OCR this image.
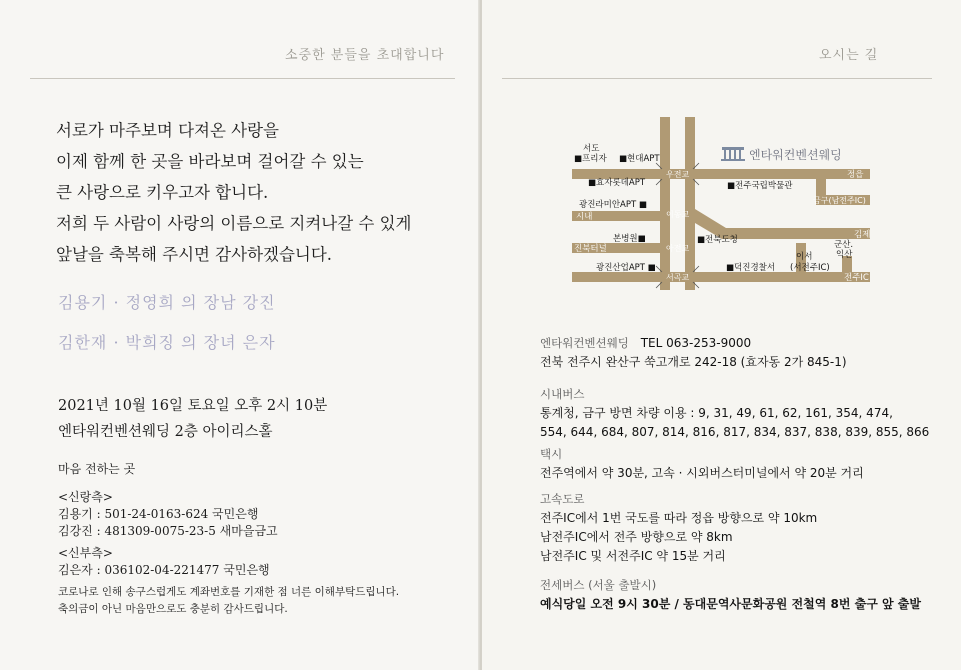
소중한 분들을 초대합니다
서로가 마주보며 다져온 사랑을
이제 함께 한 곳을 바라보며 걸어갈 수 있는
큰 사랑으로 키우고자 합니다.
저희 두 사람이 사랑의 이름으로 지켜나갈 수 있게
앞날을 축복해 주시면 감사하겠습니다.
김용기 · 정영희 의 장남 강진
김한재 · 박희징 의 장녀 은자
2021년 10월 16일 토요일 오후 2시 10분
엔타워컨벤션웨딩 2층 아이리스홀
마음 전하는 곳
<신랑측>
김용기 : 501-24-0163-624 국민은행
김강진 : 481309-0075-23-5 새마을금고
<신부측>
김은자 : 036102-04-221477 국민은행
코로나로 인해 송구스럽게도 계좌번호를 기재한 점 너른 이해부탁드립니다.
축의금이 아닌 마음만으로도 충분히 감사드립니다.
오시는 길
엔타워컨벤션웨딩
서도
■프리자 ■현대APT
■효자롯데APT	■전주국립박물관
정읍
금구(남전주IC)
광진라미안APT ■
시내
본병원■	■전북도청	김제
진북터널
광진산업APT ■	■덕진경찰서
이서
(서전주IC)
군산.
익산
전주IC
우전교
이동교
아전교
서곡교
엔타워컨벤션웨딩 TEL 063-253-9000
전북 전주시 완산구 쑥고개로 242-18 (효자동 2가 845-1)
시내버스
통계청, 금구 방면 차량 이용 : 9, 31, 49, 61, 62, 161, 354, 474,
554, 644, 684, 807, 814, 816, 817, 834, 837, 838, 839, 855, 866
택시
전주역에서 약 30분, 고속 · 시외버스터미널에서 약 20분 거리
고속도로
전주IC에서 1번 국도를 따라 정읍 방향으로 약 10km
남전주IC에서 전주 방향으로 약 8km
남전주IC 및 서전주IC 약 15분 거리
전세버스 (서울 출발시)
예식당일 오전 9시 30분 / 동대문역사문화공원 전철역 8번 출구 앞 출발
